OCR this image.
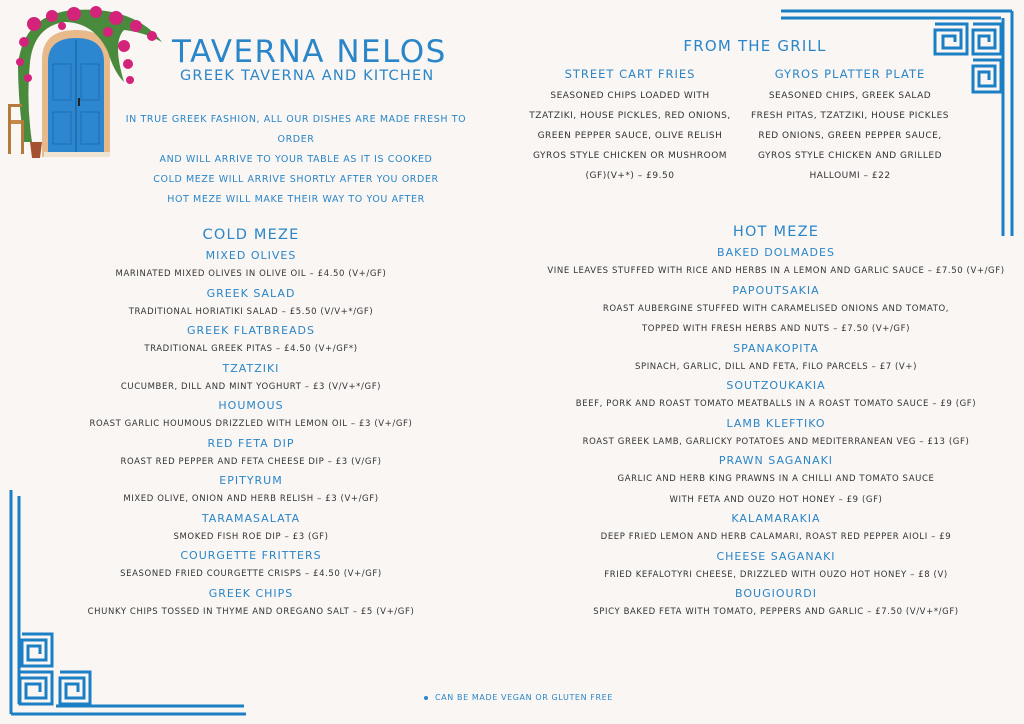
TAVERNA NELOS
GREEK TAVERNA AND KITCHEN
IN TRUE GREEK FASHION, ALL OUR DISHES ARE MADE FRESH TO ORDER
AND WILL ARRIVE TO YOUR TABLE AS IT IS COOKED
COLD MEZE WILL ARRIVE SHORTLY AFTER YOU ORDER
HOT MEZE WILL MAKE THEIR WAY TO YOU AFTER
FROM THE GRILL
STREET CART FRIES
SEASONED CHIPS LOADED WITH
TZATZIKI, HOUSE PICKLES, RED ONIONS,
GREEN PEPPER SAUCE, OLIVE RELISH
GYROS STYLE CHICKEN OR MUSHROOM
(GF)(V+*) – £9.50
GYROS PLATTER PLATE
SEASONED CHIPS, GREEK SALAD
FRESH PITAS, TZATZIKI, HOUSE PICKLES
RED ONIONS, GREEN PEPPER SAUCE,
GYROS STYLE CHICKEN AND GRILLED
HALLOUMI – £22
COLD MEZE
MIXED OLIVES
MARINATED MIXED OLIVES IN OLIVE OIL – £4.50 (V+/GF)
GREEK SALAD
TRADITIONAL HORIATIKI SALAD – £5.50 (V/V+*/GF)
GREEK FLATBREADS
TRADITIONAL GREEK PITAS – £4.50 (V+/GF*)
TZATZIKI
CUCUMBER, DILL AND MINT YOGHURT – £3 (V/V+*/GF)
HOUMOUS
ROAST GARLIC HOUMOUS DRIZZLED WITH LEMON OIL – £3 (V+/GF)
RED FETA DIP
ROAST RED PEPPER AND FETA CHEESE DIP – £3 (V/GF)
EPITYRUM
MIXED OLIVE, ONION AND HERB RELISH – £3 (V+/GF)
TARAMASALATA
SMOKED FISH ROE DIP – £3 (GF)
COURGETTE FRITTERS
SEASONED FRIED COURGETTE CRISPS – £4.50 (V+/GF)
GREEK CHIPS
CHUNKY CHIPS TOSSED IN THYME AND OREGANO SALT – £5 (V+/GF)
HOT MEZE
BAKED DOLMADES
VINE LEAVES STUFFED WITH RICE AND HERBS IN A LEMON AND GARLIC SAUCE – £7.50 (V+/GF)
PAPOUTSAKIA
ROAST AUBERGINE STUFFED WITH CARAMELISED ONIONS AND TOMATO,
TOPPED WITH FRESH HERBS AND NUTS – £7.50 (V+/GF)
SPANAKOPITA
SPINACH, GARLIC, DILL AND FETA, FILO PARCELS – £7 (V+)
SOUTZOUKAKIA
BEEF, PORK AND ROAST TOMATO MEATBALLS IN A ROAST TOMATO SAUCE – £9 (GF)
LAMB KLEFTIKO
ROAST GREEK LAMB, GARLICKY POTATOES AND MEDITERRANEAN VEG – £13 (GF)
PRAWN SAGANAKI
GARLIC AND HERB KING PRAWNS IN A CHILLI AND TOMATO SAUCE
WITH FETA AND OUZO HOT HONEY – £9 (GF)
KALAMARAKIA
DEEP FRIED LEMON AND HERB CALAMARI, ROAST RED PEPPER AIOLI – £9
CHEESE SAGANAKI
FRIED KEFALOTYRI CHEESE, DRIZZLED WITH OUZO HOT HONEY – £8 (V)
BOUGIOURDI
SPICY BAKED FETA WITH TOMATO, PEPPERS AND GARLIC – £7.50 (V/V+*/GF)
CAN BE MADE VEGAN OR GLUTEN FREE
